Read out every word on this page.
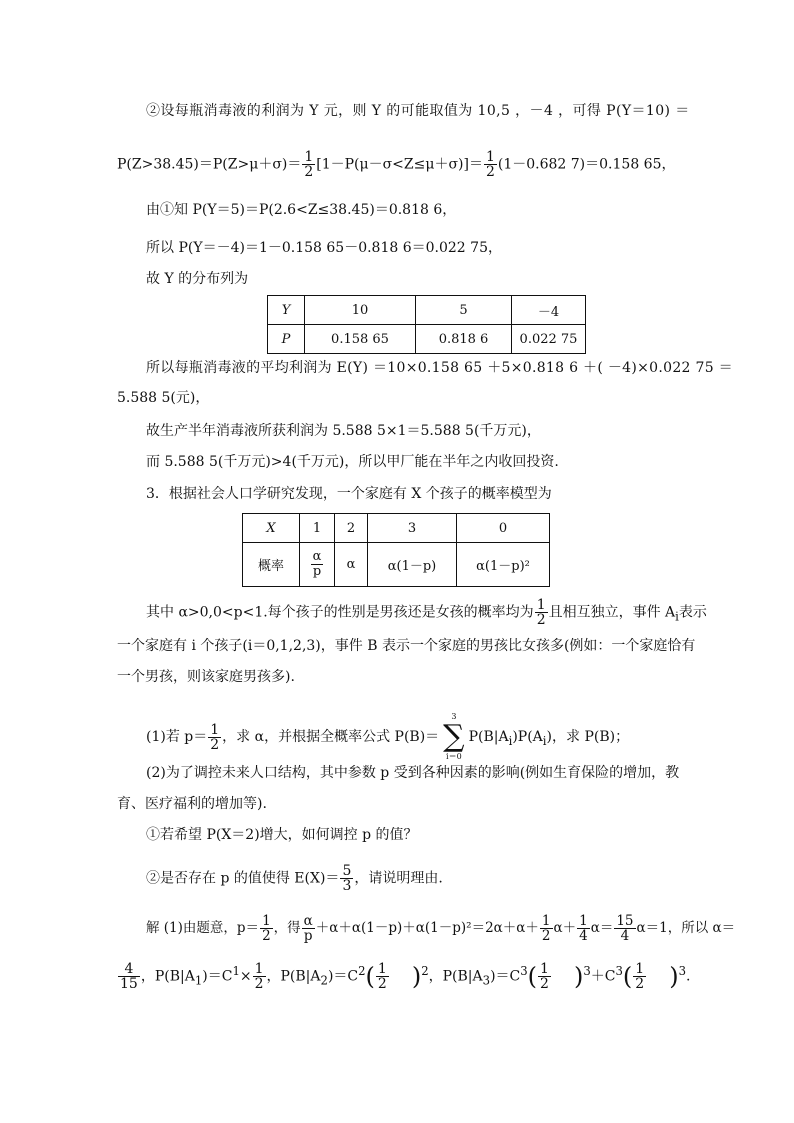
②设每瓶消毒液的利润为 Y 元，则 Y 的可能取值为 10,5 ，－4 ，可得 P(Y＝10) ＝
$P(Z>38.45)=P(Z>\mu+\sigma)= \frac{1}{2} [1-P(\mu-\sigma<Z\le\mu+\sigma)]= \frac{1}{2} (1-0.682$ 7)＝0.158 65，
由①知 P(Y＝5)＝P(2.6<Z≤38.45)＝0.818 6，
所以 P(Y＝－4)＝1－0.158 65－0.818 6＝0.022 75，
故 Y 的分布列为
Y	10	5	－4
P	0.158 65	0.818 6	0.022 75
所以每瓶消毒液的平均利润为 E(Y) ＝10×0.158 65 ＋5×0.818 6 ＋( －4)×0.022 75 ＝
5.588 5(元)，
故生产半年消毒液所获利润为 5.588 5×1＝5.588 5(千万元)，
而 5.588 5(千万元)>4(千万元)，所以甲厂能在半年之内收回投资.
3．根据社会人口学研究发现，一个家庭有 X 个孩子的概率模型为
X	1	2	3	0
概率	$\frac{\alpha}{p}$	α	α(1－p)	α(1－p)²
其中 α>0,0<p<1.每个孩子的性别是男孩还是女孩的概率均为 $\frac{1}{2}$ 且相互独立，事件 $A_i$表示
一个家庭有 i 个孩子(i＝0,1,2,3)，事件 B 表示一个家庭的男孩比女孩多(例如：一个家庭恰有
一个男孩，则该家庭男孩多).
(1)若 $p= \frac{1}{2}$ ，求 α，并根据全概率公式 P(B)＝
3
∑
i＝0
$P(B|A_i)P(A_i)$，求 P(B)；
(2)为了调控未来人口结构，其中参数 p 受到各种因素的影响(例如生育保险的增加，教
育、医疗福利的增加等).
①若希望 P(X＝2)增大，如何调控 p 的值？
②是否存在 p 的值使得 $E(X)= \frac{5}{3}$ ，请说明理由.
解 (1)由题意，$p= \frac{1}{2}$ ，得 $\frac{\alpha}{p} +\alpha+\alpha(1-p)+\alpha(1-p)^2=2\alpha+\alpha+ \frac{1}{2} \alpha+ \frac{1}{4} \alpha= \frac{15}{4} \alpha=1$，所以 α＝
$\frac{4}{15}$ ，$P(B|A_1)=C^1\times \frac{1}{2}$ ，$P(B|A_2)=C^2( \frac{1}{2} )^2$，$P(B|A_3)=C^3( \frac{1}{2} )^3+C^3( \frac{1}{2} )^3$.
